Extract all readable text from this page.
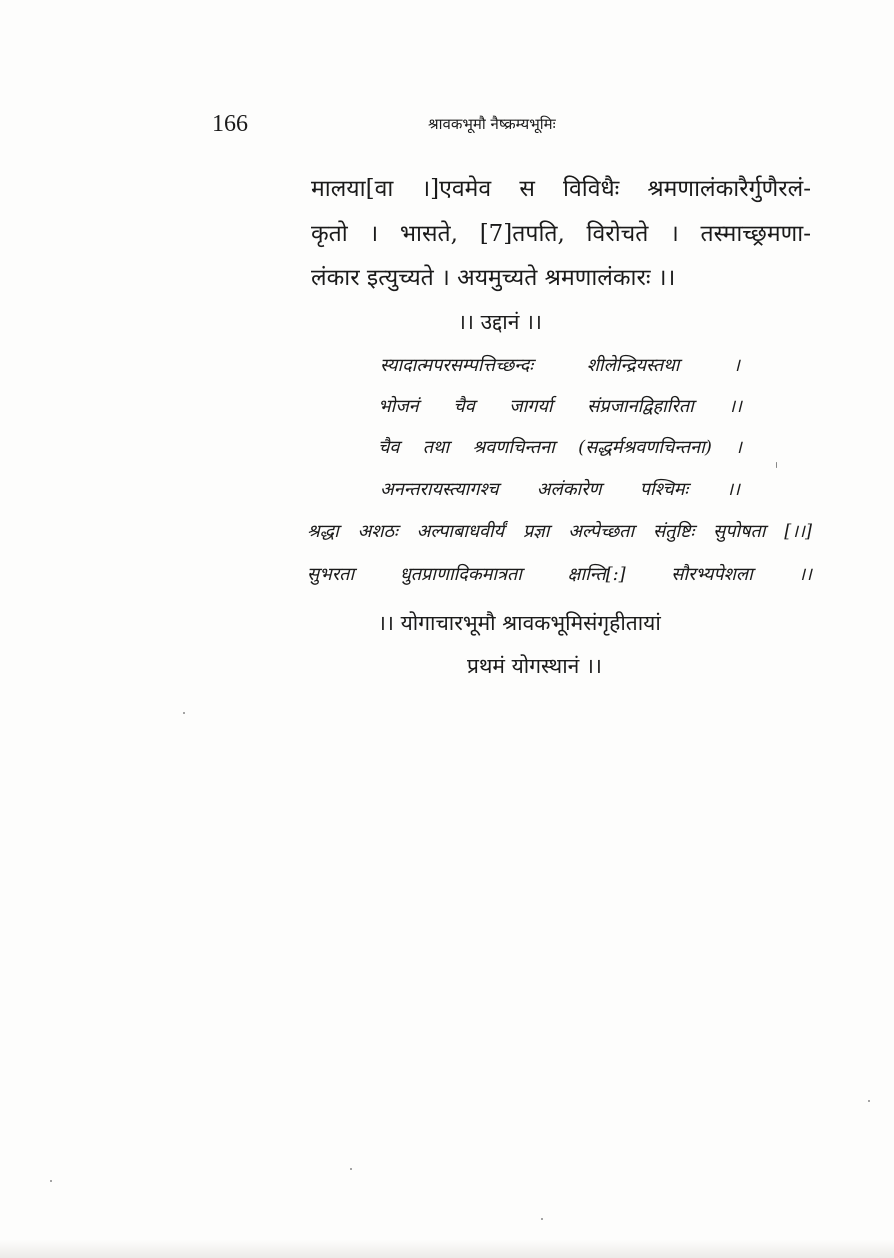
166	श्रावकभूमौ नैष्क्रम्यभूमिः
मालया[वा ।]एवमेव स विविधैः श्रमणालंकारैर्गुणैरलं-
कृतो । भासते, [7]तपति, विरोचते । तस्माच्छ्रमणा-
लंकार इत्युच्यते । अयमुच्यते श्रमणालंकारः ।।
।। उद्दानं ।।
स्यादात्मपरसम्पत्तिच्छन्दः शीलेन्द्रियस्तथा ।
भोजनं चैव जागर्या संप्रजानद्विहारिता ।।
चैव तथा श्रवणचिन्तना (सद्धर्मश्रवणचिन्तना) ।
अनन्तरायस्त्यागश्च अलंकारेण पश्चिमः ।।
श्रद्धा अशठः अल्पाबाधवीर्यं प्रज्ञा अल्पेच्छता संतुष्टिः सुपोषता [।।]
सुभरता धुतप्राणादिकमात्रता क्षान्ति[:] सौरभ्यपेशला ।।
।। योगाचारभूमौ श्रावकभूमिसंगृहीतायां
प्रथमं योगस्थानं ।।
